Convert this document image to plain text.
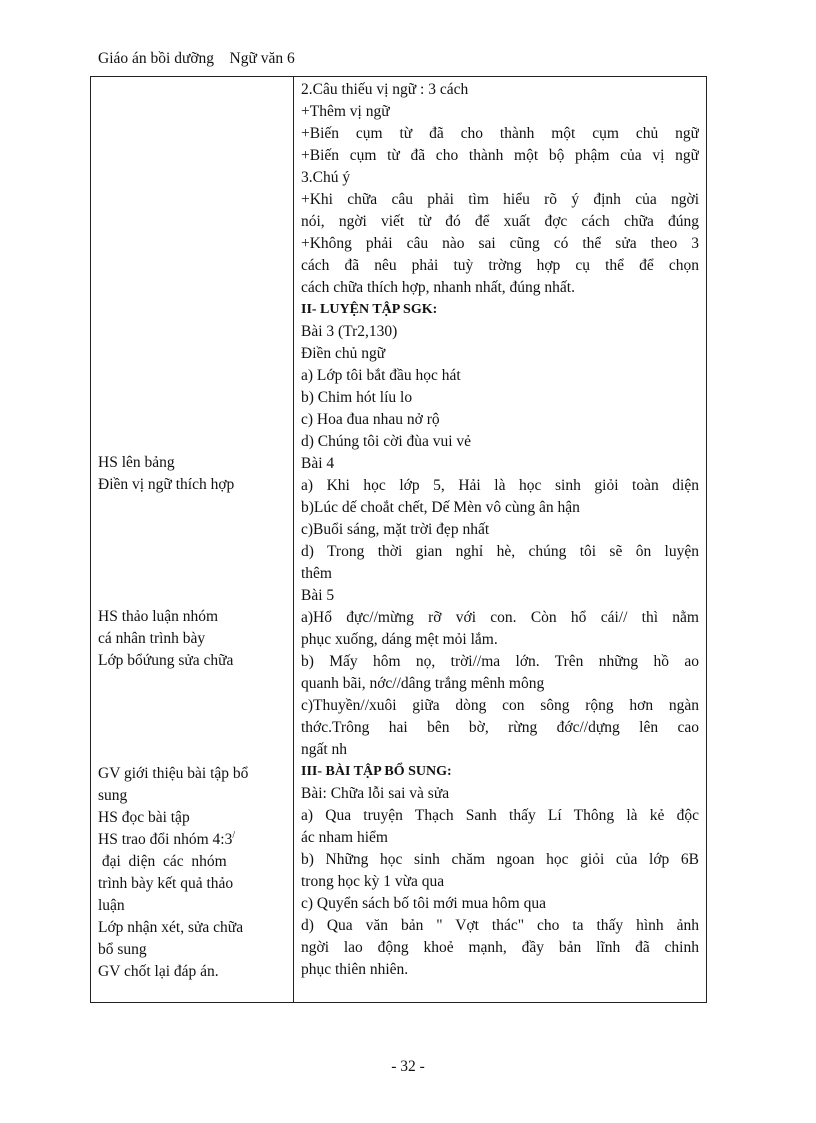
Giáo án bồi dưỡng    Ngữ văn 6
HS lên bảng
Điền vị ngữ thích hợp
HS thảo luận nhóm
cá nhân trình bày
Lớp bổứung sửa chữa
GV giới thiệu bài tập bổ
sung
HS đọc bài tập
HS trao đổi nhóm 4:3/
đại  diện  các  nhóm
trình bày kết quả thảo
luận
Lớp nhận xét, sửa chữa
bổ sung
GV chốt lại đáp án.
2.Câu thiếu vị ngữ : 3 cách
+Thêm vị ngữ
+Biến cụm từ đã cho thành một cụm chủ ngữ
+Biến cụm từ đã cho thành một bộ phậm của vị ngữ
3.Chú ý
+Khi chữa câu phải tìm hiểu rõ ý định của ngời
nói, ngời viết từ đó để xuất đợc cách chữa đúng
+Không phải câu nào sai cũng có thể sửa theo 3
cách đã nêu phải tuỳ trờng hợp cụ thể để chọn
cách chữa thích hợp, nhanh nhất, đúng nhất.
II- LUYỆN TẬP SGK:
Bài 3 (Tr2,130)
Điền chủ ngữ
a) Lớp tôi bắt đầu học hát
b) Chim hót líu lo
c) Hoa đua nhau nở rộ
d) Chúng tôi cời đùa vui vẻ
Bài 4
a) Khi học lớp 5, Hải là học sinh giỏi toàn diện
b)Lúc dế choắt chết, Dế Mèn vô cùng ân hận
c)Buổi sáng, mặt trời đẹp nhất
d) Trong thời gian nghỉ hè, chúng tôi sẽ ôn luyện
thêm
Bài 5
a)Hổ đực//mừng rỡ với con. Còn hổ cái// thì nằm
phục xuống, dáng mệt mỏi lắm.
b) Mấy hôm nọ, trời//ma lớn. Trên những hồ ao
quanh bãi, nớc//dâng trắng mênh mông
c)Thuyền//xuôi giữa dòng con sông rộng hơn ngàn
thớc.Trông hai bên bờ, rừng đớc//dựng lên cao
ngất nh
III- BÀI TẬP BỔ SUNG:
Bài: Chữa lỗi sai và sửa
a) Qua truyện Thạch Sanh thấy Lí Thông là kẻ độc
ác nham hiểm
b) Những học sinh chăm ngoan học giỏi của lớp 6B
trong học kỳ 1 vừa qua
c) Quyển sách bố tôi mới mua hôm qua
d) Qua văn bản " Vợt thác" cho ta thấy hình ảnh
ngời lao động khoẻ mạnh, đầy bản lĩnh đã chinh
phục thiên nhiên.
- 32 -
